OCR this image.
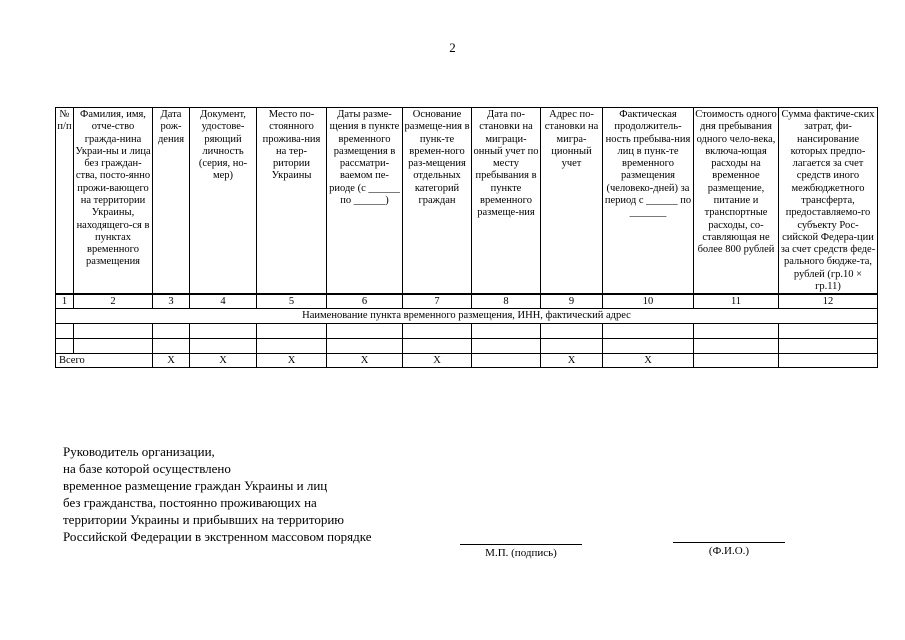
2
№ п/п	Фамилия, имя, отче-ство гражда-нина Украи-ны и лица без граждан-ства, посто-янно прожи-вающего на территории Украины, находящего-ся в пунктах временного размещения	Дата рож-дения	Документ, удостове-ряющий личность (серия, но-мер)	Место по-стоянного прожива-ния на тер-ритории Украины	Даты разме-щения в пункте временного размещения в рассматри-ваемом пе-риоде (с ______ по ______)	Основание размеще-ния в пунк-те времен-ного раз-мещения отдельных категорий граждан	Дата по-становки на миграци-онный учет по месту пребывания в пункте временного размеще-ния	Адрес по-становки на мигра-ционный учет	Фактическая продолжитель-ность пребыва-ния лиц в пунк-те временного размещения (человеко-дней) за период с ______ по _______	Стоимость одного дня пребывания одного чело-века, включа-ющая расходы на временное размещение, питание и транспортные расходы, со-ставляющая не более 800 рублей	Сумма фактиче-ских затрат, фи-нансирование которых предпо-лагается за счет средств иного межбюджетного трансферта, предоставляемо-го субъекту Рос-сийской Федера-ции за счет средств феде-рального бюдже-та, рублей (гр.10 × гр.11)
1	2	3	4	5	6	7	8	9	10	11	12
Наименование пункта временного размещения, ИНН, фактический адрес											

Всего		Х	Х	Х	Х	Х		Х	Х		
Руководитель организации,
на базе которой осуществлено
временное размещение граждан Украины и лиц
без гражданства, постоянно проживающих на
территории Украины и прибывших на территорию
Российской Федерации в экстренном массовом порядке
М.П. (подпись)	(Ф.И.О.)
